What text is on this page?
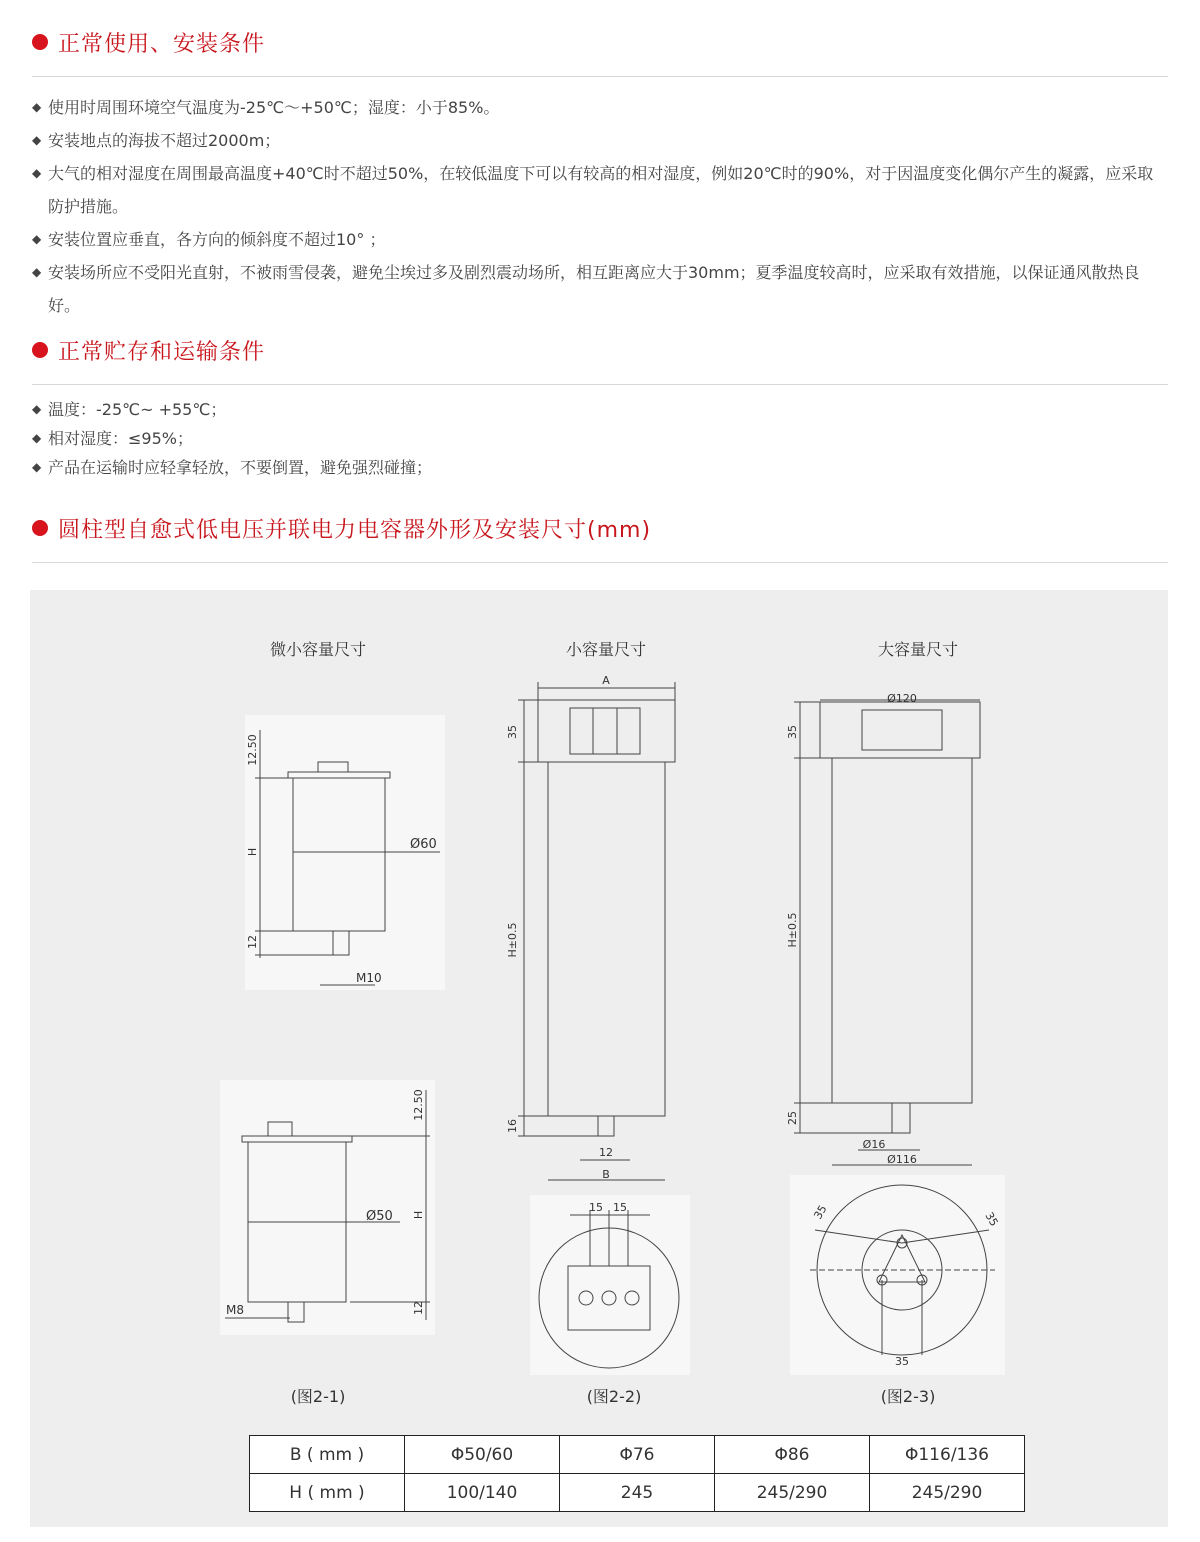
正常使用、安装条件
◆ 使用时周围环境空气温度为-25℃～+50℃；湿度：小于85%。
◆ 安装地点的海拔不超过2000m；
◆ 大气的相对湿度在周围最高温度+40℃时不超过50%，在较低温度下可以有较高的相对湿度，例如20℃时的90%，对于因温度变化偶尔产生的凝露，应采取防护措施。
◆ 安装位置应垂直，各方向的倾斜度不超过10° ；
◆ 安装场所应不受阳光直射，不被雨雪侵袭，避免尘埃过多及剧烈震动场所，相互距离应大于30mm；夏季温度较高时，应采取有效措施，以保证通风散热良好。
正常贮存和运输条件
◆ 温度：-25℃~ +55℃；
◆ 相对湿度：≤95%；
◆ 产品在运输时应轻拿轻放，不要倒置，避免强烈碰撞；
圆柱型自愈式低电压并联电力电容器外形及安装尺寸(mm)
微小容量尺寸	小容量尺寸	大容量尺寸
12.50
H
12
Ø60
M10
12.50
H
12
Ø50
M8
A
35
H±0.5
16
12
B
15 15
Ø120
35
H±0.5
25
Ø16
Ø116
35	35
35
(图2-1)	(图2-2)	(图2-3)
B ( mm )	Φ50/60	Φ76	Φ86	Φ116/136
H ( mm )	100/140	245	245/290	245/290
